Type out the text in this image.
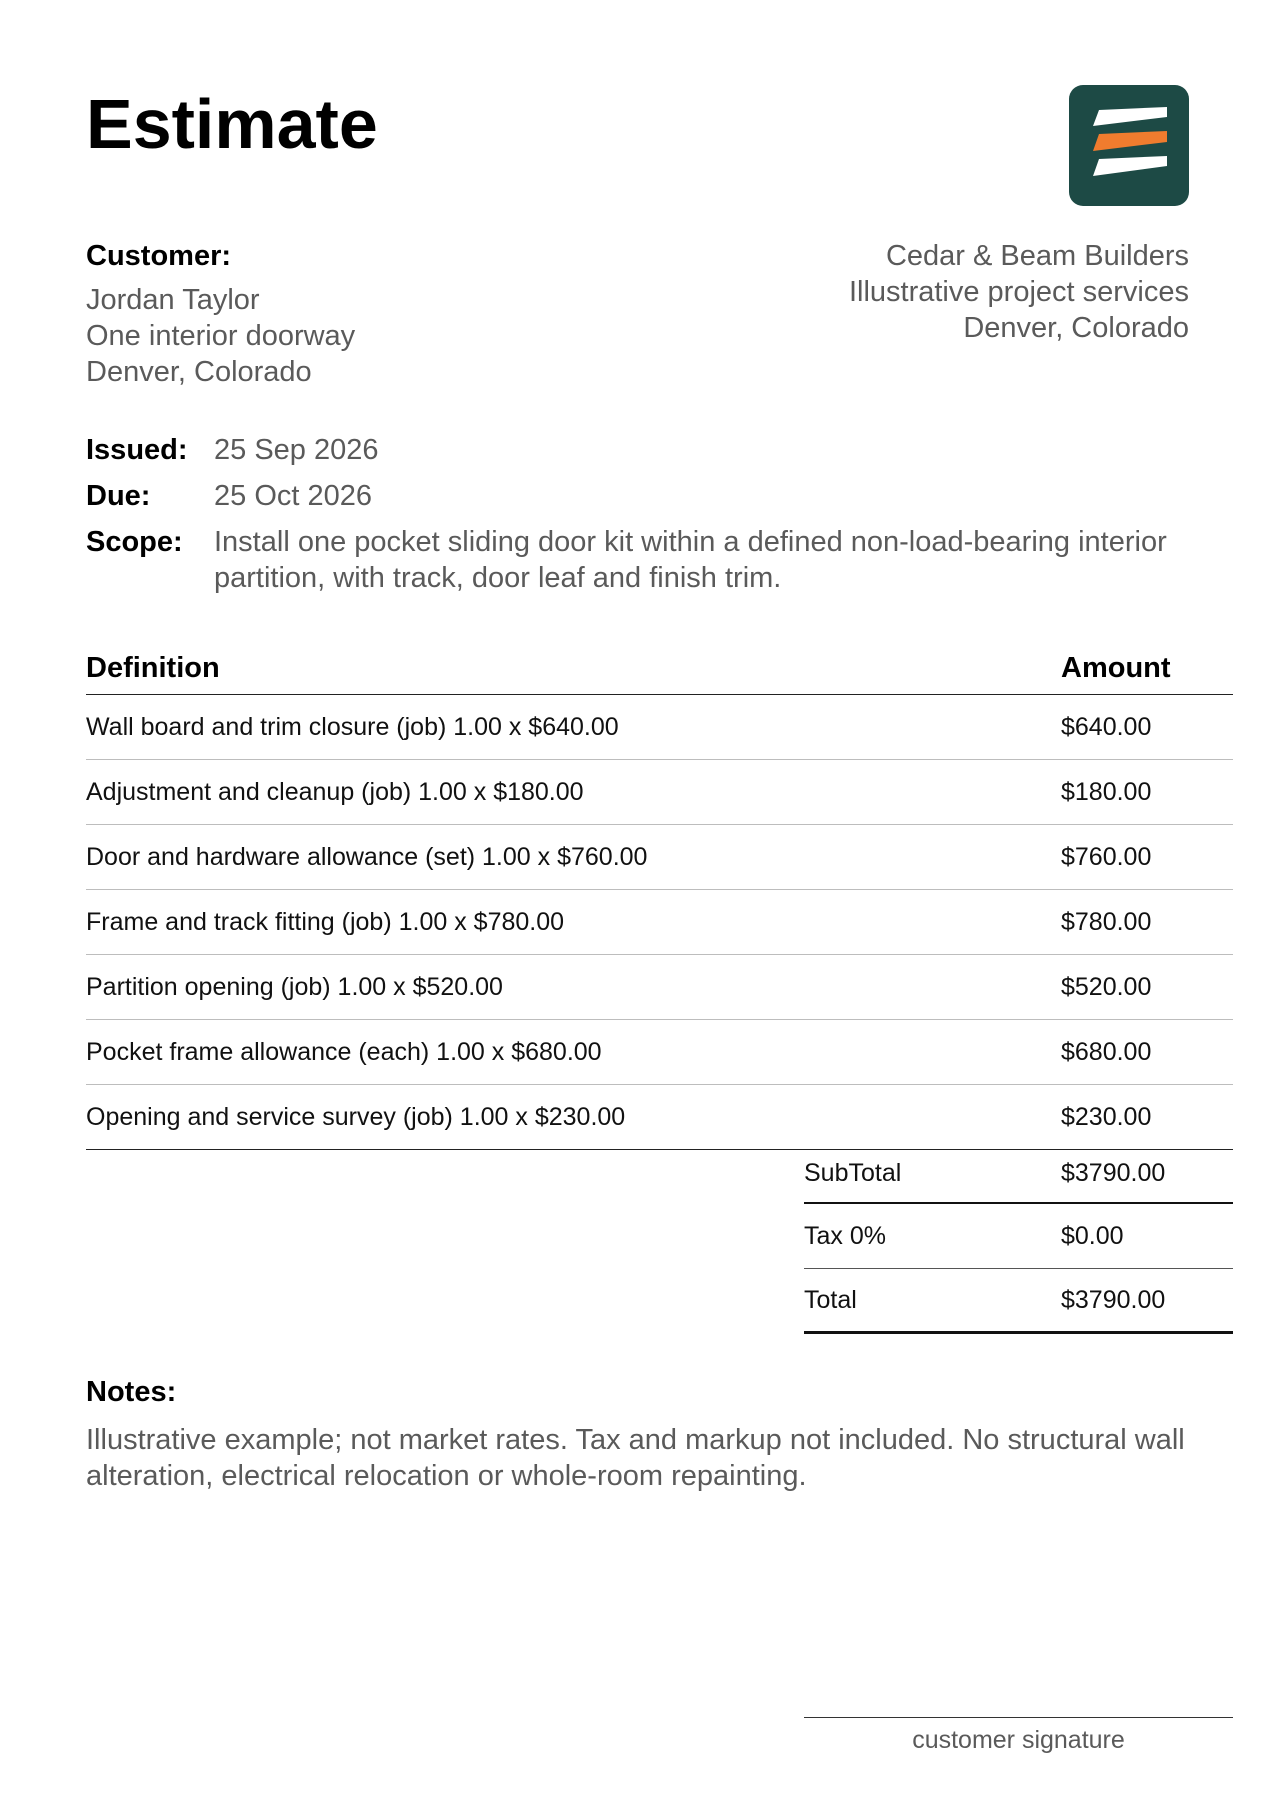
Estimate
Customer:
Jordan Taylor
One interior doorway
Denver, Colorado
Cedar & Beam Builders
Illustrative project services
Denver, Colorado
Issued: 25 Sep 2026
Due:	25 Oct 2026
Scope:	Install one pocket sliding door kit within a defined non-load-bearing interior partition, with track, door leaf and finish trim.
Definition	Amount
Wall board and trim closure (job) 1.00 x $640.00	$640.00
Adjustment and cleanup (job) 1.00 x $180.00	$180.00
Door and hardware allowance (set) 1.00 x $760.00	$760.00
Frame and track fitting (job) 1.00 x $780.00	$780.00
Partition opening (job) 1.00 x $520.00	$520.00
Pocket frame allowance (each) 1.00 x $680.00	$680.00
Opening and service survey (job) 1.00 x $230.00	$230.00
SubTotal	$3790.00
Tax 0%	$0.00
Total	$3790.00
Notes:
Illustrative example; not market rates. Tax and markup not included. No structural wall alteration, electrical relocation or whole-room repainting.
customer signature
